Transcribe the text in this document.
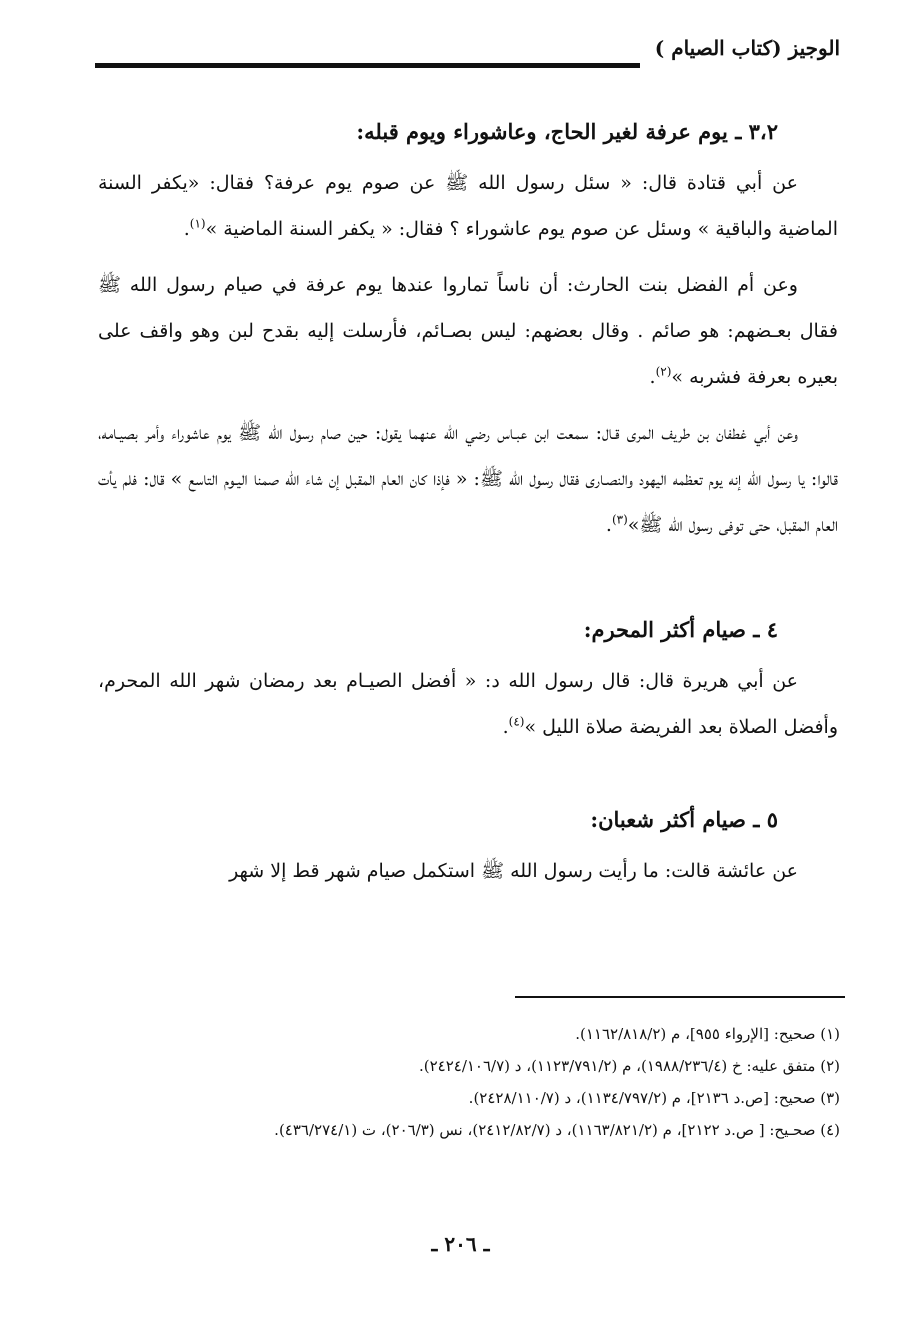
الوجيز (كتاب الصيام )
٣،٢ ـ يوم عرفة لغير الحاج، وعاشوراء ويوم قبله:

عن أبي قتادة قال: « سئل رسول الله ﷺ عن صوم يوم عرفة؟ فقال: «يكفر السنة الماضية والباقية » وسئل عن صوم يوم عاشوراء ؟ فقال: « يكفر السنة الماضية »$^{(١)}$.

وعن أم الفضل بنت الحارث: أن ناساً تماروا عندها يوم عرفة في صيام رسول الله ﷺ فقال بعـضهم: هو صائم . وقال بعضهم: ليس بصـائم، فأرسلت إليه بقدح لبن وهو واقف على بعيره بعرفة فشربه »$^{(٢)}$.

وعن أبي غطفان بن طريف المرى قـال: سمعت ابن عبـاس رضي الله عنهما يقول: حين صام رسول الله ﷺ يوم عاشوراء وأمر بصيـامه، قالوا: يا رسول الله إنه يوم تعظمه اليهود والنصـارى فقال رسول الله ﷺ: « فإذا كان العام المقبل إن شاء الله صمنا اليـوم التاسع » قال: فلم يأت العام المقبل، حتى توفى رسول الله ﷺ»$^{(٣)}$.

٤ ـ صيام أكثر المحرم:

عن أبي هريرة قال: قال رسول الله د: « أفضل الصيـام بعد رمضان شهر الله المحرم، وأفضل الصلاة بعد الفريضة صلاة الليل »$^{(٤)}$.

٥ ـ صيام أكثر شعبان:

عن عائشة قالت: ما رأيت رسول الله ﷺ استكمل صيام شهر قط إلا شهر

(١) صحيح: [الإرواء ٩٥٥]، م (١١٦٢/٨١٨/٢).
(٢) متفق عليه: خ (١٩٨٨/٢٣٦/٤)، م (١١٢٣/٧٩١/٢)، د (٢٤٢٤/١٠٦/٧).
(٣) صحيح: [ص.د ٢١٣٦]، م (١١٣٤/٧٩٧/٢)، د (٢٤٢٨/١١٠/٧).
(٤) صحـيح: [ ص.د ٢١٢٢]، م (١١٦٣/٨٢١/٢)، د (٢٤١٢/٨٢/٧)، نس (٢٠٦/٣)، ت (٤٣٦/٢٧٤/١).
ـ ٢٠٦ ـ
